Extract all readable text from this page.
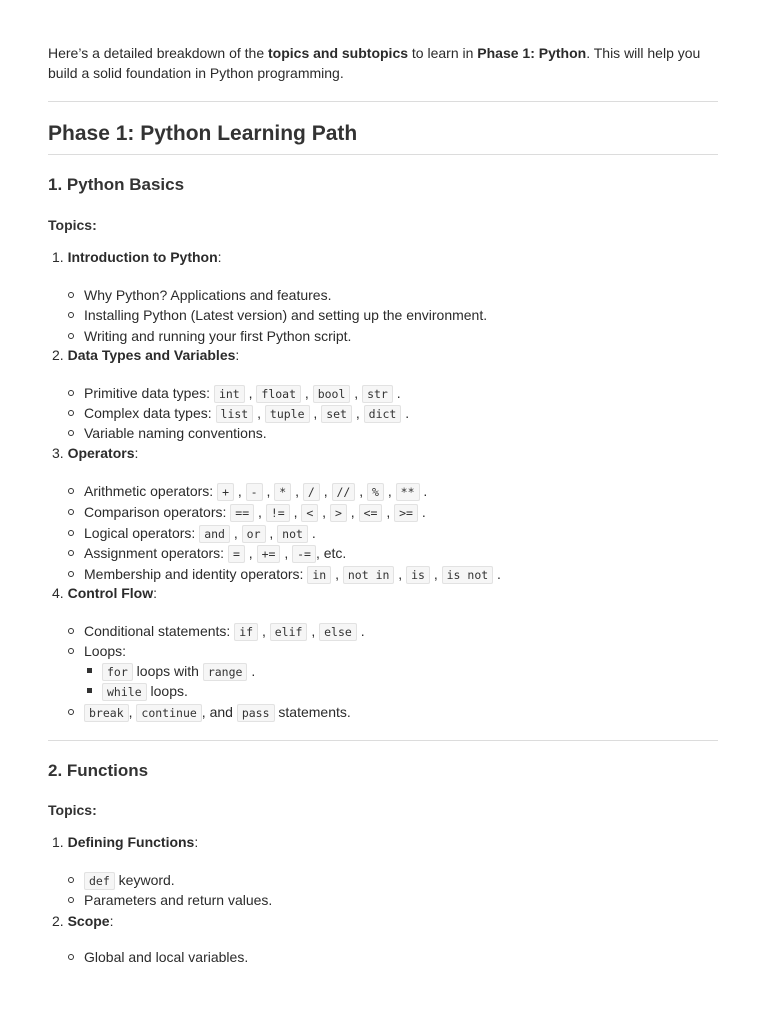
Here’s a detailed breakdown of the topics and subtopics to learn in Phase 1: Python. This will help you build a solid foundation in Python programming.
Phase 1: Python Learning Path
1. Python Basics
Topics:
1. Introduction to Python:
Why Python? Applications and features.
Installing Python (Latest version) and setting up the environment.
Writing and running your first Python script.
2. Data Types and Variables:
Primitive data types: int , float , bool , str .
Complex data types: list , tuple , set , dict .
Variable naming conventions.
3. Operators:
Arithmetic operators: + , - , * , / , // , % , ** .
Comparison operators: == , != , < , > , <= , >= .
Logical operators: and , or , not .
Assignment operators: = , += , -= , etc.
Membership and identity operators: in , not in , is , is not .
4. Control Flow:
Conditional statements: if , elif , else .
Loops:
for loops with range .
while loops.
break , continue , and pass statements.
2. Functions
Topics:
1. Defining Functions:
def keyword.
Parameters and return values.
2. Scope:
Global and local variables.
